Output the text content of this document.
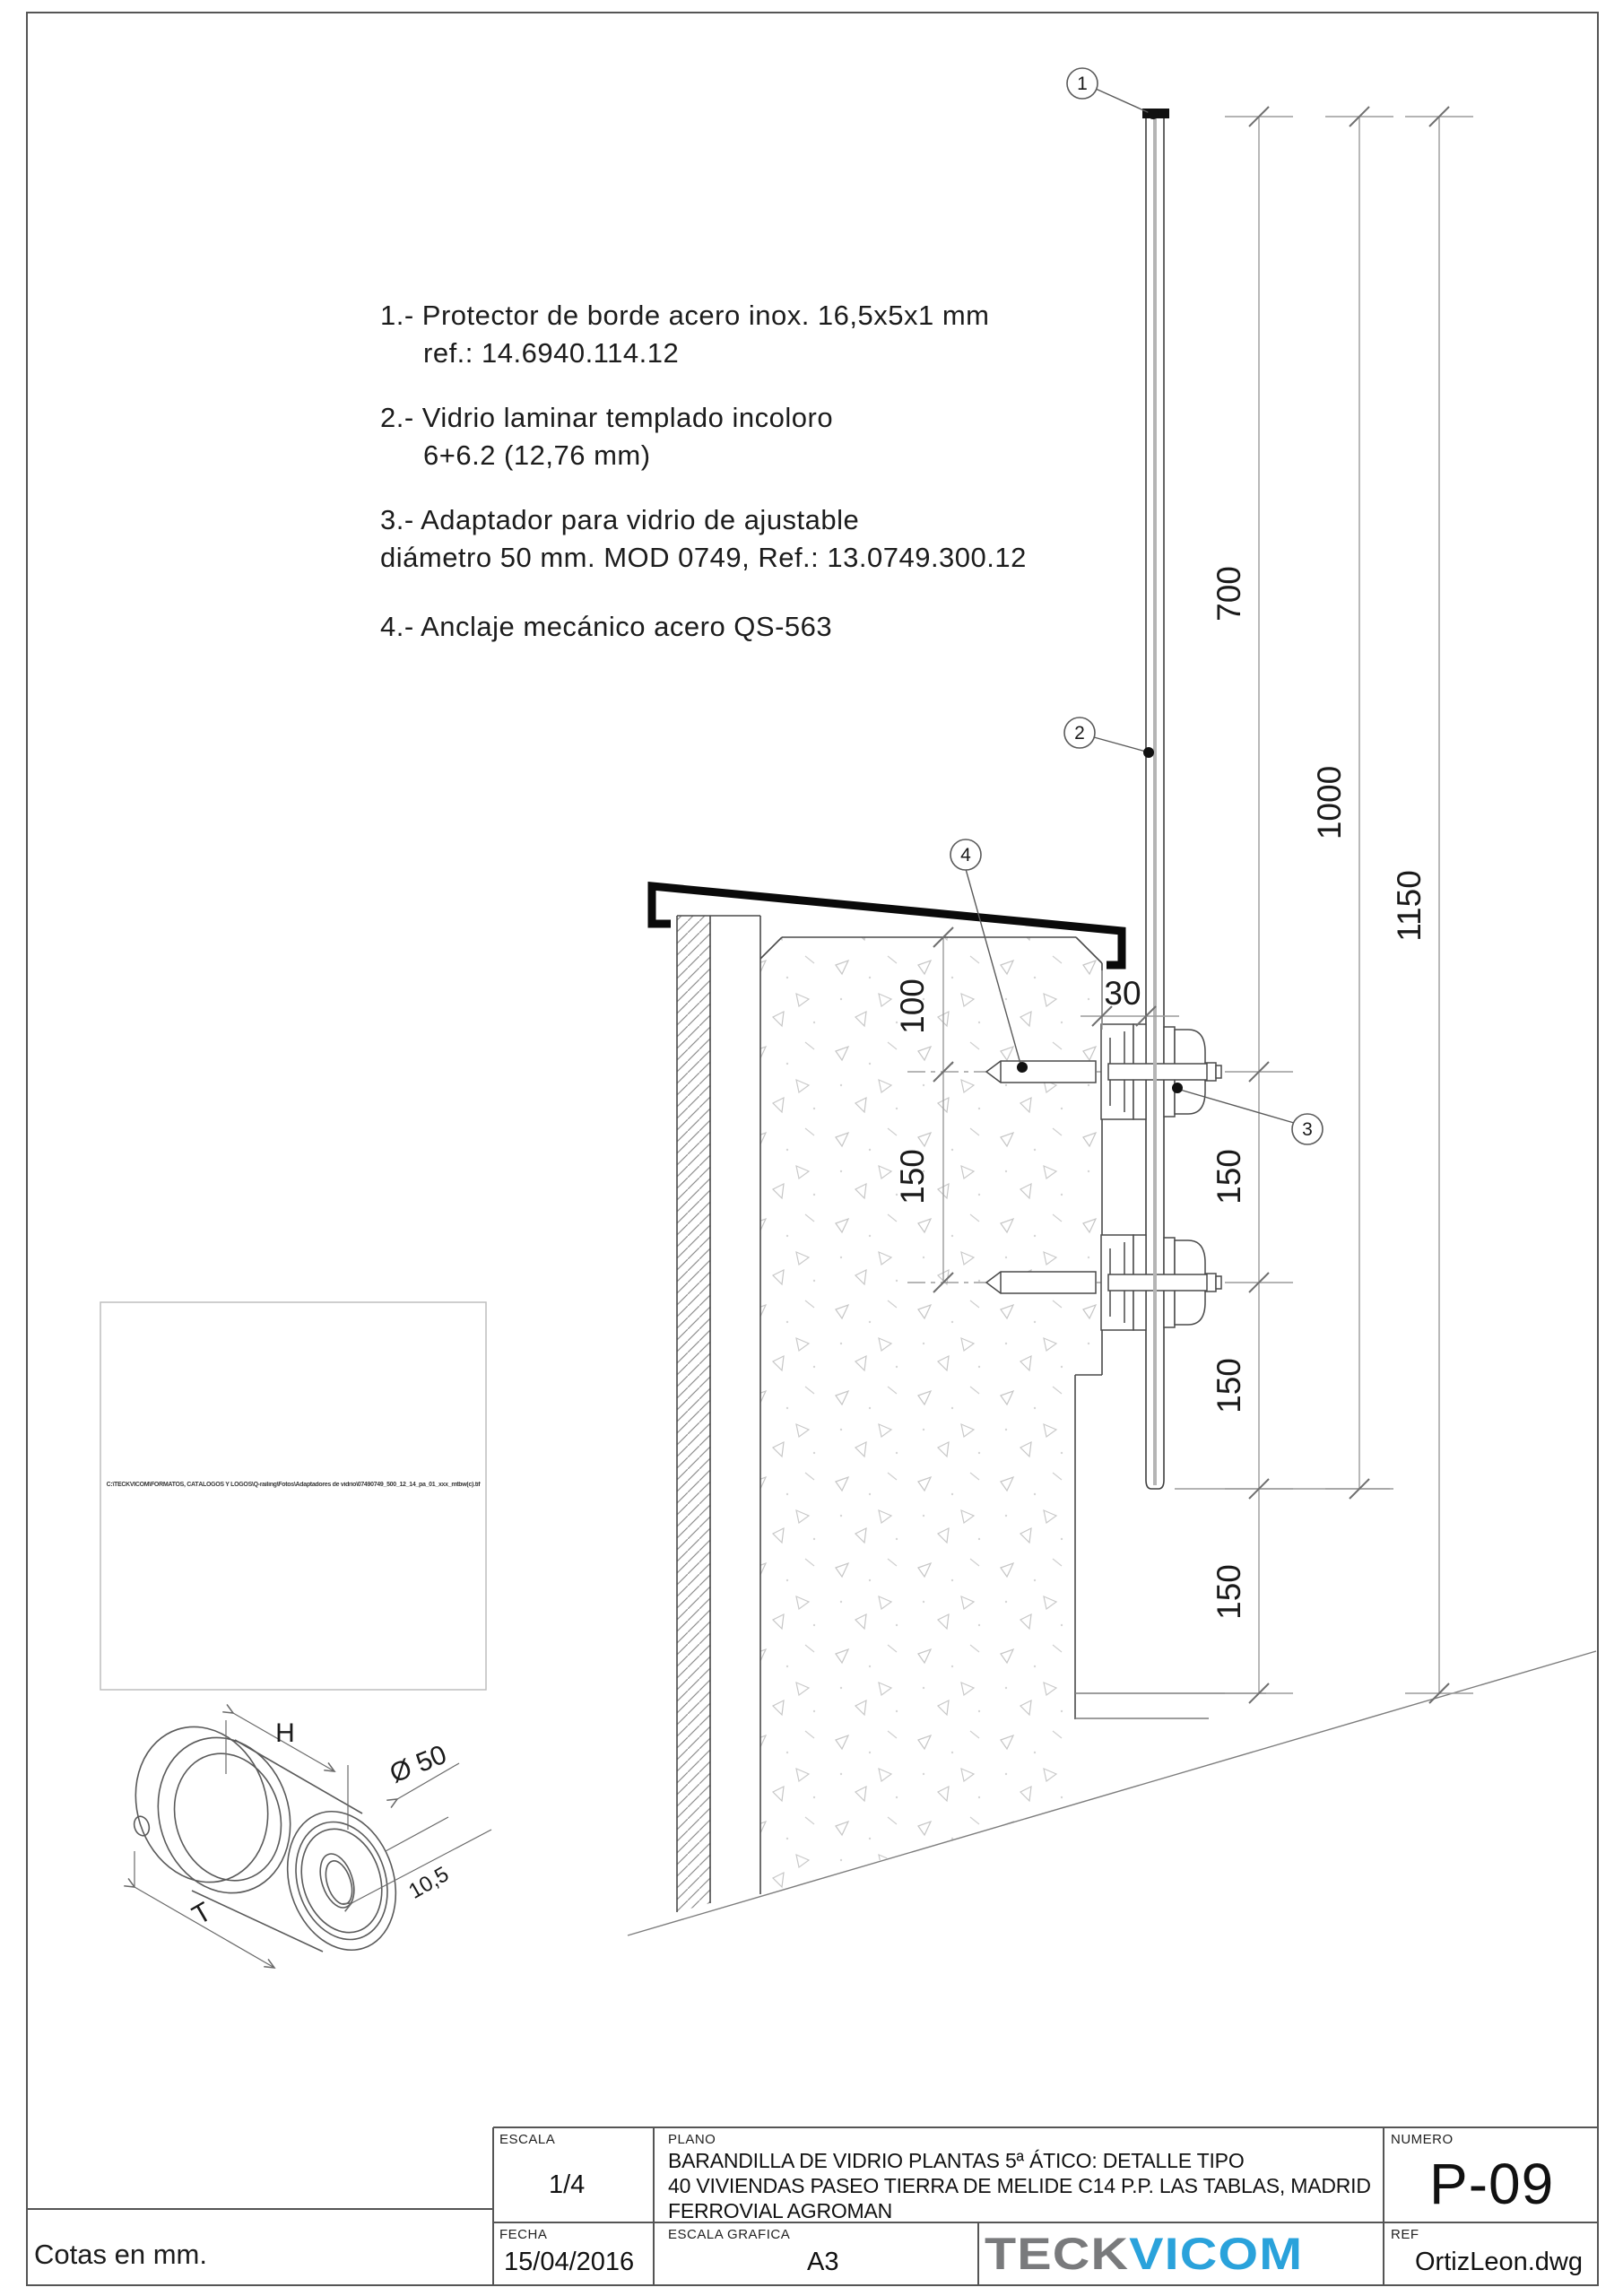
700
1000
1150
100
150	150
150
150
30
1
2
3
4
H
Ø 50
10,5
T
1.- Protector de borde acero inox. 16,5x5x1 mm
ref.: 14.6940.114.12
2.- Vidrio laminar templado incoloro
6+6.2 (12,76 mm)
3.- Adaptador para vidrio de ajustable
diámetro 50 mm. MOD 0749, Ref.: 13.0749.300.12
4.- Anclaje mecánico acero QS-563
C:\TECKVICOM\FORMATOS, CATÁLOGOS Y LOGOS\Q-railing\Fotos\Adaptadores de vidrio\07490749_500_12_14_pa_01_xxx_mtbw(c).tif
Cotas en mm.
ESCALA
1/4
PLANO
BARANDILLA DE VIDRIO PLANTAS 5ª ÁTICO: DETALLE TIPO
40 VIVIENDAS PASEO TIERRA DE MELIDE C14 P.P. LAS TABLAS, MADRID
FERROVIAL AGROMAN
NUMERO
P-09
FECHA
15/04/2016
ESCALA GRAFICA
A3	TECKVICOM	REF
OrtizLeon.dwg
